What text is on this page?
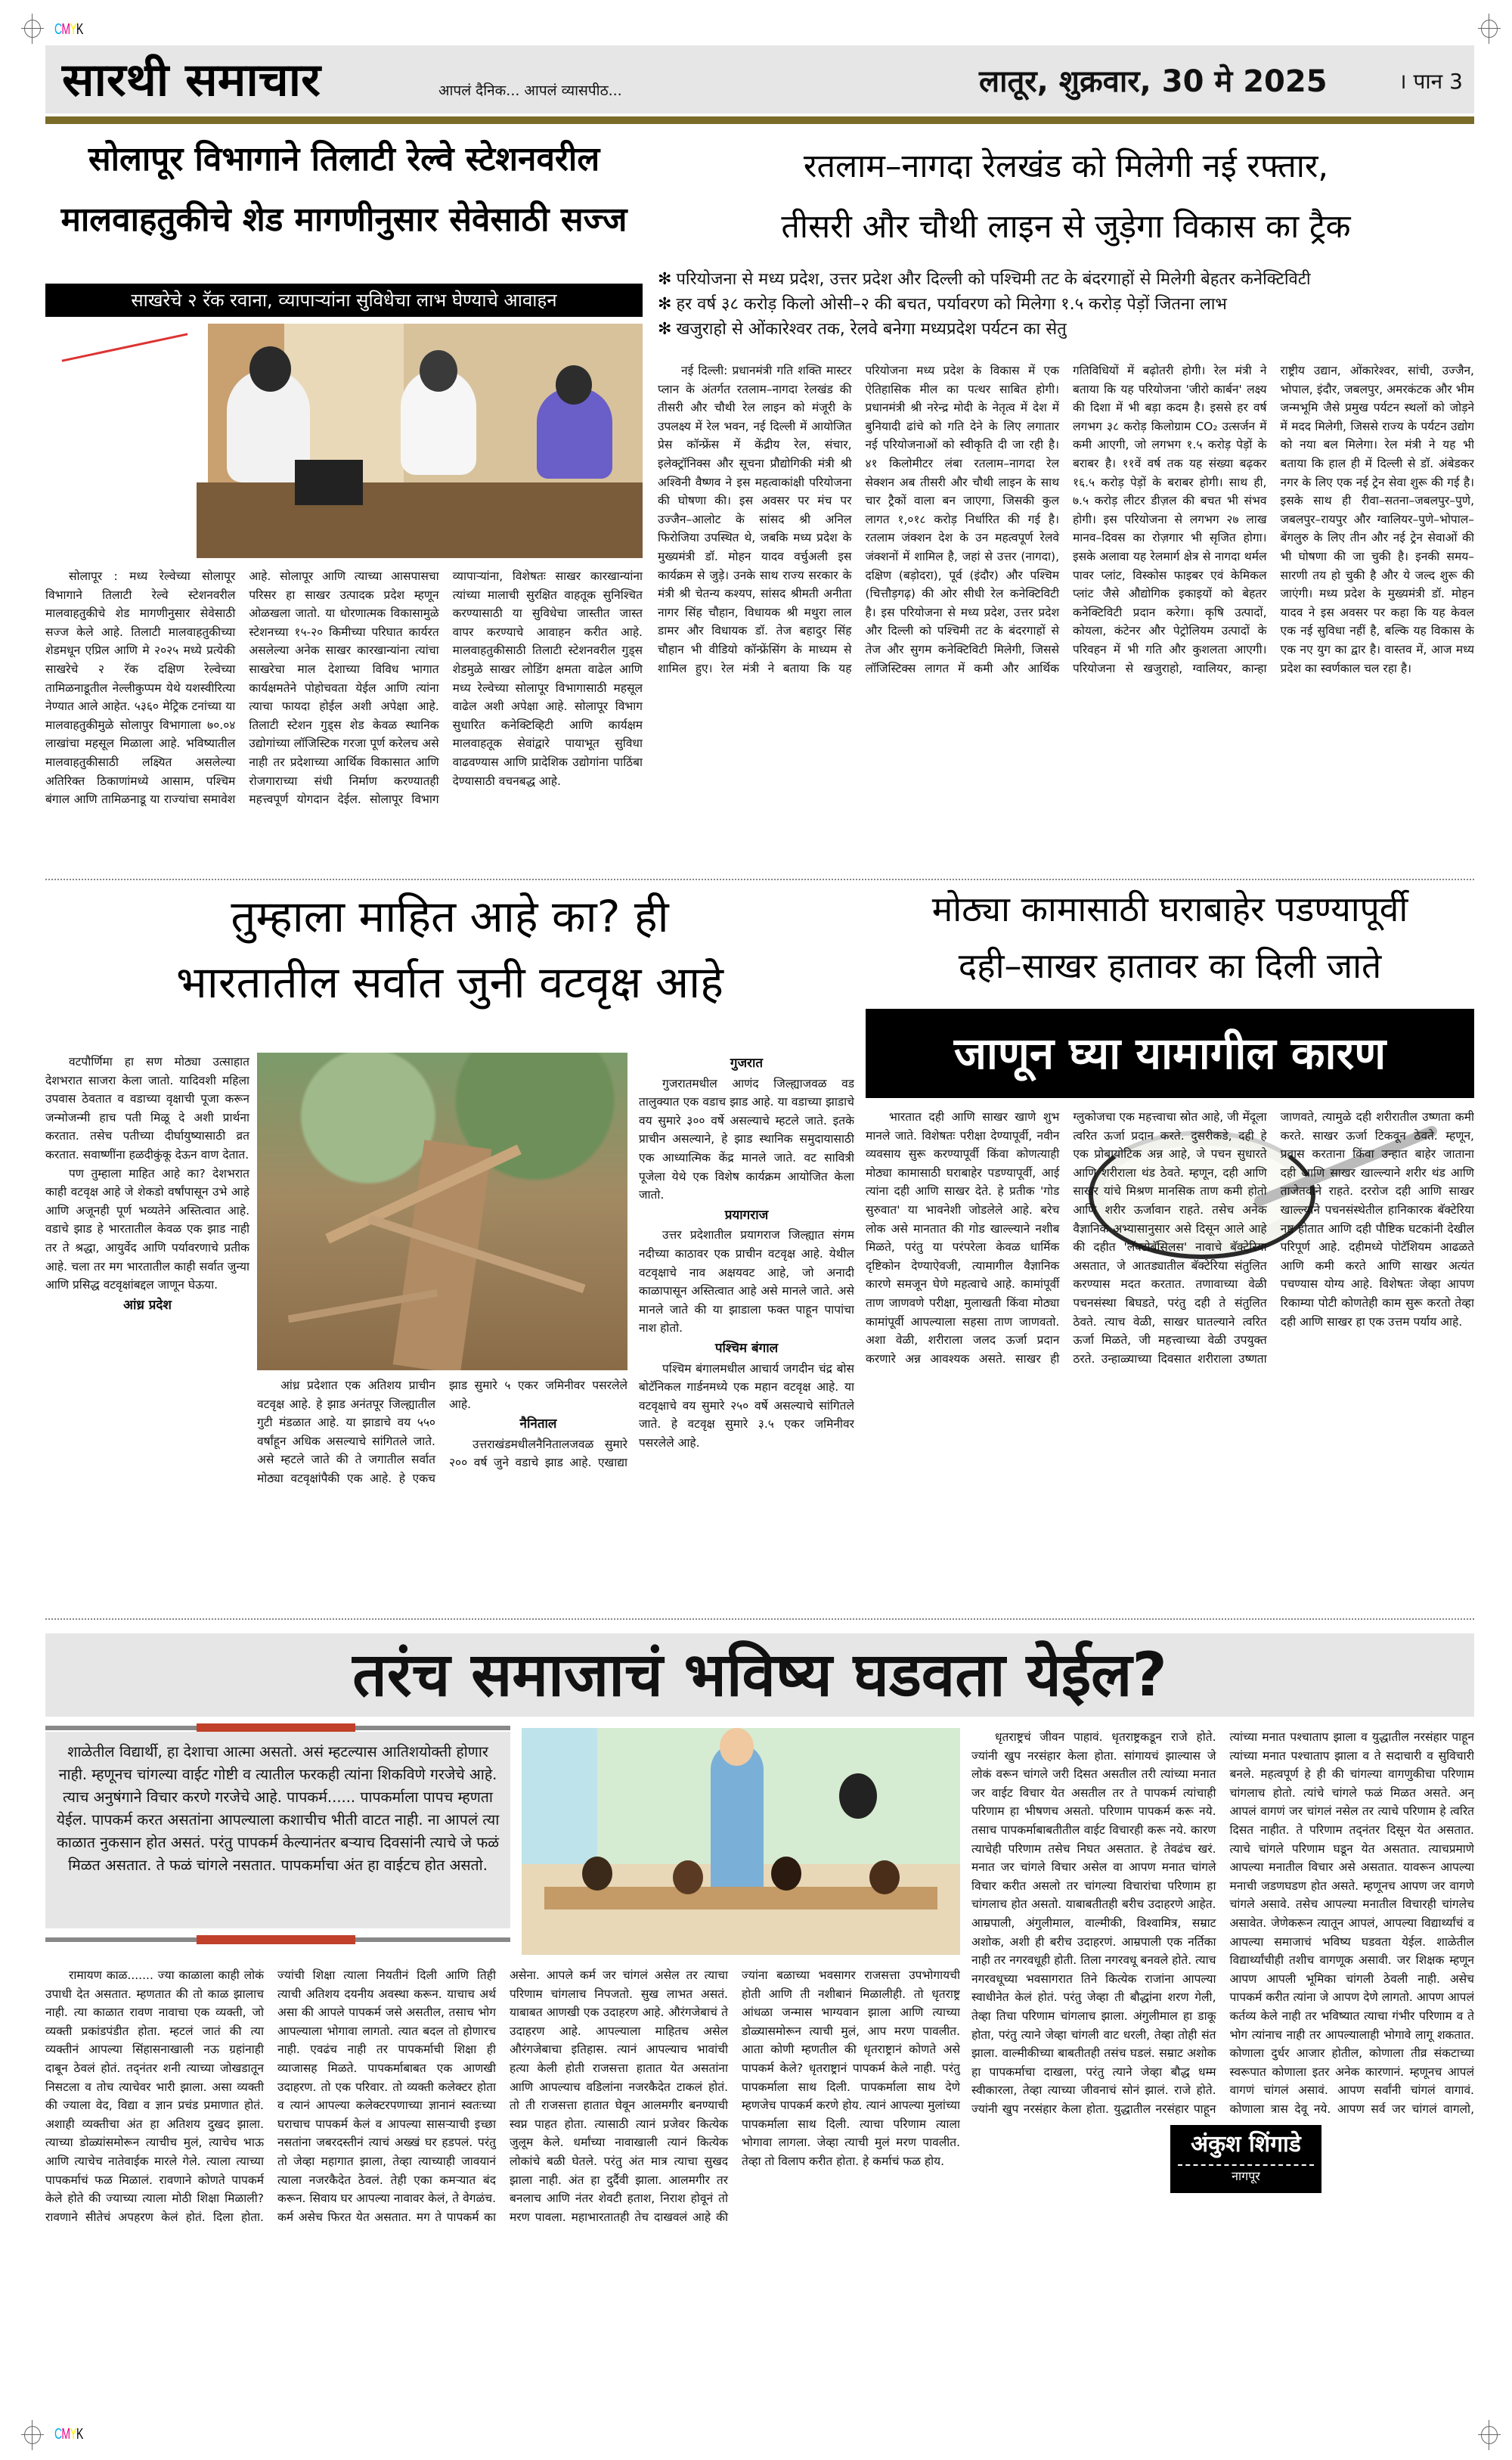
CMYK
CMYK
सारथी समाचार	आपलं दैनिक... आपलं व्यासपीठ...	लातूर, शुक्रवार, 30 मे 2025	। पान 3
सोलापूर विभागाने तिलाटी रेल्वे स्टेशनवरील
मालवाहतुकीचे शेड मागणीनुसार सेवेसाठी सज्ज
साखरेचे २ रॅक रवाना, व्यापाऱ्यांना सुविधेचा लाभ घेण्याचे आवाहन

सोलापूर : मध्य रेल्वेच्या सोलापूर विभागाने तिलाटी रेल्वे स्टेशनवरील मालवाहतुकीचे शेड मागणीनुसार सेवेसाठी सज्ज केले आहे. तिलाटी मालवाहतुकीच्या शेडमधून एप्रिल आणि मे २०२५ मध्ये प्रत्येकी साखरेचे २ रॅक दक्षिण रेल्वेच्या तामिळनाडूतील नेल्लीकुप्पम येथे यशस्वीरित्या नेण्यात आले आहेत. ५३६० मेट्रिक टनांच्या या मालवाहतुकीमुळे सोलापुर विभागाला ७०.०४ लाखांचा महसूल मिळाला आहे. भविष्यातील मालवाहतुकीसाठी लक्ष्यित असलेल्या अतिरिक्त ठिकाणांमध्ये आसाम, पश्चिम बंगाल आणि तामिळनाडू या राज्यांचा समावेश आहे. सोलापूर आणि त्याच्या आसपासचा परिसर हा साखर उत्पादक प्रदेश म्हणून ओळखला जातो. या धोरणात्मक विकासामुळे स्टेशनच्या १५-२० किमीच्या परिघात कार्यरत असलेल्या अनेक साखर कारखान्यांना त्यांचा साखरेचा माल देशाच्या विविध भागात कार्यक्षमतेने पोहोचवता येईल आणि त्यांना त्याचा फायदा होईल अशी अपेक्षा आहे. तिलाटी स्टेशन गुड्स शेड केवळ स्थानिक उद्योगांच्या लॉजिस्टिक गरजा पूर्ण करेलच असे नाही तर प्रदेशाच्या आर्थिक विकासात आणि रोजगाराच्या संधी निर्माण करण्यातही महत्त्वपूर्ण योगदान देईल. सोलापूर विभाग व्यापाऱ्यांना, विशेषतः साखर कारखान्यांना त्यांच्या मालाची सुरक्षित वाहतूक सुनिश्चित करण्यासाठी या सुविधेचा जास्तीत जास्त वापर करण्याचे आवाहन करीत आहे. मालवाहतुकीसाठी तिलाटी स्टेशनवरील गुड्स शेडमुळे साखर लोडिंग क्षमता वाढेल आणि मध्य रेल्वेच्या सोलापूर विभागासाठी महसूल वाढेल अशी अपेक्षा आहे. सोलापूर विभाग सुधारित कनेक्टिव्हिटी आणि कार्यक्षम मालवाहतूक सेवांद्वारे पायाभूत सुविधा वाढवण्यास आणि प्रादेशिक उद्योगांना पाठिंबा देण्यासाठी वचनबद्ध आहे.

रतलाम–नागदा रेलखंड को मिलेगी नई रफ्तार,
तीसरी और चौथी लाइन से जुड़ेगा विकास का ट्रैक
✻ परियोजना से मध्य प्रदेश, उत्तर प्रदेश और दिल्ली को पश्चिमी तट के बंदरगाहों से मिलेगी बेहतर कनेक्टिविटी
✻ हर वर्ष ३८ करोड़ किलो ओसी–२ की बचत, पर्यावरण को मिलेगा १.५ करोड़ पेड़ों जितना लाभ
✻ खजुराहो से ओंकारेश्वर तक, रेलवे बनेगा मध्यप्रदेश पर्यटन का सेतु

नई दिल्ली: प्रधानमंत्री गति शक्ति मास्टर प्लान के अंतर्गत रतलाम–नागदा रेलखंड की तीसरी और चौथी रेल लाइन को मंजूरी के उपलक्ष्य में रेल भवन, नई दिल्ली में आयोजित प्रेस कॉन्फ्रेंस में केंद्रीय रेल, संचार, इलेक्ट्रॉनिक्स और सूचना प्रौद्योगिकी मंत्री श्री अश्विनी वैष्णव ने इस महत्वाकांक्षी परियोजना की घोषणा की। इस अवसर पर मंच पर उज्जैन–आलोट के सांसद श्री अनिल फिरोजिया उपस्थित थे, जबकि मध्य प्रदेश के मुख्यमंत्री डॉ. मोहन यादव वर्चुअली इस कार्यक्रम से जुड़े। उनके साथ राज्य सरकार के मंत्री श्री चेतन्य कश्यप, सांसद श्रीमती अनीता नागर सिंह चौहान, विधायक श्री मथुरा लाल डामर और विधायक डॉ. तेज बहादुर सिंह चौहान भी वीडियो कॉन्फ्रेंसिंग के माध्यम से शामिल हुए। रेल मंत्री ने बताया कि यह परियोजना मध्य प्रदेश के विकास में एक ऐतिहासिक मील का पत्थर साबित होगी। प्रधानमंत्री श्री नरेन्द्र मोदी के नेतृत्व में देश में बुनियादी ढांचे को गति देने के लिए लगातार नई परियोजनाओं को स्वीकृति दी जा रही है। ४१ किलोमीटर लंबा रतलाम–नागदा रेल सेक्शन अब तीसरी और चौथी लाइन के साथ चार ट्रैकों वाला बन जाएगा, जिसकी कुल लागत १,०१८ करोड़ निर्धारित की गई है। रतलाम जंक्शन देश के उन महत्वपूर्ण रेलवे जंक्शनों में शामिल है, जहां से उत्तर (नागदा), दक्षिण (बड़ोदरा), पूर्व (इंदौर) और पश्चिम (चित्तौड़गढ़) की ओर सीधी रेल कनेक्टिविटी है। इस परियोजना से मध्य प्रदेश, उत्तर प्रदेश और दिल्ली को पश्चिमी तट के बंदरगाहों से तेज और सुगम कनेक्टिविटी मिलेगी, जिससे लॉजिस्टिक्स लागत में कमी और आर्थिक गतिविधियों में बढ़ोतरी होगी। रेल मंत्री ने बताया कि यह परियोजना 'जीरो कार्बन' लक्ष्य की दिशा में भी बड़ा कदम है। इससे हर वर्ष लगभग ३८ करोड़ किलोग्राम CO₂ उत्सर्जन में कमी आएगी, जो लगभग १.५ करोड़ पेड़ों के बराबर है। ११वें वर्ष तक यह संख्या बढ़कर १६.५ करोड़ पेड़ों के बराबर होगी। साथ ही, ७.५ करोड़ लीटर डीज़ल की बचत भी संभव होगी। इस परियोजना से लगभग २७ लाख मानव–दिवस का रोज़गार भी सृजित होगा। इसके अलावा यह रेलमार्ग क्षेत्र से नागदा थर्मल पावर प्लांट, विस्कोस फाइबर एवं केमिकल प्लांट जैसे औद्योगिक इकाइयों को बेहतर कनेक्टिविटी प्रदान करेगा। कृषि उत्पादों, कोयला, कंटेनर और पेट्रोलियम उत्पादों के परिवहन में भी गति और कुशलता आएगी। परियोजना से खजुराहो, ग्वालियर, कान्हा राष्ट्रीय उद्यान, ओंकारेश्वर, सांची, उज्जैन, भोपाल, इंदौर, जबलपुर, अमरकंटक और भीम जन्मभूमि जैसे प्रमुख पर्यटन स्थलों को जोड़ने में मदद मिलेगी, जिससे राज्य के पर्यटन उद्योग को नया बल मिलेगा। रेल मंत्री ने यह भी बताया कि हाल ही में दिल्ली से डॉ. अंबेडकर नगर के लिए एक नई ट्रेन सेवा शुरू की गई है। इसके साथ ही रीवा–सतना–जबलपुर–पुणे, जबलपुर–रायपुर और ग्वालियर–पुणे–भोपाल–बेंगलुरु के लिए तीन और नई ट्रेन सेवाओं की भी घोषणा की जा चुकी है। इनकी समय–सारणी तय हो चुकी है और ये जल्द शुरू की जाएंगी। मध्य प्रदेश के मुख्यमंत्री डॉ. मोहन यादव ने इस अवसर पर कहा कि यह केवल एक नई सुविधा नहीं है, बल्कि यह विकास के एक नए युग का द्वार है। वास्तव में, आज मध्य प्रदेश का स्वर्णकाल चल रहा है।

तुम्हाला माहित आहे का? ही
भारतातील सर्वात जुनी वटवृक्ष आहे

वटपौर्णिमा हा सण मोठ्या उत्साहात देशभरात साजरा केला जातो. यादिवशी महिला उपवास ठेवतात व वडाच्या वृक्षाची पूजा करून जन्मोजन्मी हाच पती मिळू दे अशी प्रार्थना करतात. तसेच पतीच्या दीर्घायुष्यासाठी व्रत करतात. सवाष्णींना हळदीकुंकू देऊन वाण देतात.

पण तुम्हाला माहित आहे का? देशभरात काही वटवृक्ष आहे जे शेकडो वर्षांपासून उभे आहे आणि अजूनही पूर्ण भव्यतेने अस्तित्वात आहे. वडाचे झाड हे भारतातील केवळ एक झाड नाही तर ते श्रद्धा, आयुर्वेद आणि पर्यावरणाचे प्रतीक आहे. चला तर मग भारतातील काही सर्वात जुन्या आणि प्रसिद्ध वटवृक्षांबद्दल जाणून घेऊया.

आंध्र प्रदेश

आंध्र प्रदेशात एक अतिशय प्राचीन वटवृक्ष आहे. हे झाड अनंतपूर जिल्ह्यातील गुटी मंडळात आहे. या झाडाचे वय ५५० वर्षांहून अधिक असल्याचे सांगितले जाते. असे म्हटले जाते की ते जगातील सर्वात मोठ्या वटवृक्षांपैकी एक आहे. हे एकच झाड सुमारे ५ एकर जमिनीवर पसरलेले आहे.

नैनिताल

उत्तराखंडमधीलनैनितालजवळ सुमारे २०० वर्ष जुने वडाचे झाड आहे. एखाद्या

गुजरात

गुजरातमधील आणंद जिल्ह्याजवळ वड तालुक्यात एक वडाच झाड आहे. या वडाच्या झाडाचे वय सुमारे ३०० वर्षे असल्याचे म्हटले जाते. इतके प्राचीन असल्याने, हे झाड स्थानिक समुदायासाठी एक आध्यात्मिक केंद्र मानले जाते. वट सावित्री पूजेला येथे एक विशेष कार्यक्रम आयोजित केला जातो.

प्रयागराज

उत्तर प्रदेशातील प्रयागराज जिल्ह्यात संगम नदीच्या काठावर एक प्राचीन वटवृक्ष आहे. येथील वटवृक्षाचे नाव अक्षयवट आहे, जो अनादी काळापासून अस्तित्वात आहे असे मानले जाते. असे मानले जाते की या झाडाला फक्त पाहून पापांचा नाश होतो.

पश्चिम बंगाल

पश्चिम बंगालमधील आचार्य जगदीन चंद्र बोस बोटॅनिकल गार्डनमध्ये एक महान वटवृक्ष आहे. या वटवृक्षाचे वय सुमारे २५० वर्षे असल्याचे सांगितले जाते. हे वटवृक्ष सुमारे ३.५ एकर जमिनीवर पसरलेले आहे.

मोठ्या कामासाठी घराबाहेर पडण्यापूर्वी
दही–साखर हातावर का दिली जाते
जाणून घ्या यामागील कारण

भारतात दही आणि साखर खाणे शुभ मानले जाते. विशेषतः परीक्षा देण्यापूर्वी, नवीन व्यवसाय सुरू करण्यापूर्वी किंवा कोणत्याही मोठ्या कामासाठी घराबाहेर पडण्यापूर्वी, आई त्यांना दही आणि साखर देते. हे प्रतीक 'गोड सुरुवात' या भावनेशी जोडलेले आहे. बरेच लोक असे मानतात की गोड खाल्ल्याने नशीब मिळते, परंतु या परंपरेला केवळ धार्मिक दृष्टिकोन देण्याऐवजी, त्यामागील वैज्ञानिक कारणे समजून घेणे महत्वाचे आहे. कामांपूर्वी ताण जाणवणे परीक्षा, मुलाखती किंवा मोठ्या कामांपूर्वी आपल्याला सहसा ताण जाणवतो. अशा वेळी, शरीराला जलद ऊर्जा प्रदान करणारे अन्न आवश्यक असते. साखर ही ग्लुकोजचा एक महत्त्वाचा स्रोत आहे, जी मेंदूला त्वरित ऊर्जा प्रदान करते. दुसरीकडे, दही हे एक प्रोबायोटिक अन्न आहे, जे पचन सुधारते आणि शरीराला थंड ठेवते. म्हणून, दही आणि साखर यांचे मिश्रण मानसिक ताण कमी होतो आणि शरीर ऊर्जावान राहते. तसेच अनेक वैज्ञानिक अभ्यासानुसार असे दिसून आले आहे की दहीत 'लॅक्टोबॅसिलस' नावाचे बॅक्टेरिया असतात, जे आतड्यातील बॅक्टेरिया संतुलित करण्यास मदत करतात. तणावाच्या वेळी पचनसंस्था बिघडते, परंतु दही ते संतुलित ठेवते. त्याच वेळी, साखर घातल्याने त्वरित ऊर्जा मिळते, जी महत्त्वाच्या वेळी उपयुक्त ठरते. उन्हाळ्याच्या दिवसात शरीराला उष्णता जाणवते, त्यामुळे दही शरीरातील उष्णता कमी करते. साखर ऊर्जा टिकवून ठेवते. म्हणून, प्रवास करताना किंवा उन्हात बाहेर जाताना दही आणि साखर खाल्ल्याने शरीर थंड आणि ताजेतवाने राहते. दररोज दही आणि साखर खाल्ल्याने पचनसंस्थेतील हानिकारक बॅक्टेरिया नष्ट होतात आणि दही पौष्टिक घटकांनी देखील परिपूर्ण आहे. दहीमध्ये पोटॅशियम आढळते आणि कमी करते आणि साखर अत्यंत पचण्यास योग्य आहे. विशेषतः जेव्हा आपण रिकाम्या पोटी कोणतेही काम सुरू करतो तेव्हा दही आणि साखर हा एक उत्तम पर्याय आहे.

तरंच समाजाचं भविष्य घडवता येईल?
शाळेतील विद्यार्थी, हा देशाचा आत्मा असतो. असं म्हटल्यास आतिशयोक्ती होणार नाही. म्हणूनच चांगल्या वाईट गोष्टी व त्यातील फरकही त्यांना शिकविणे गरजेचे आहे. त्याच अनुषंगाने विचार करणे गरजेचे आहे. पापकर्म...... पापकर्माला पापच म्हणता येईल. पापकर्म करत असतांना आपल्याला कशाचीच भीती वाटत नाही. ना आपलं त्या काळात नुकसान होत असतं. परंतु पापकर्म केल्यानंतर बऱ्याच दिवसांनी त्याचे जे फळं मिळत असतात. ते फळं चांगले नसतात. पापकर्माचा अंत हा वाईटच होत असतो.

रामायण काळ....... ज्या काळाला काही लोकं उपाधी देत असतात. म्हणतात की तो काळ झालाच नाही. त्या काळात रावण नावाचा एक व्यक्ती, जो व्यक्ती प्रकांडपंडीत होता. म्हटलं जातं की त्या व्यक्तीनं आपल्या सिंहासनाखाली नऊ ग्रहांनाही दाबून ठेवलं होतं. तद्नंतर शनी त्याच्या जोखडातून निसटला व तोच त्याचेवर भारी झाला. असा व्यक्ती की ज्याला वेद, विद्या व ज्ञान प्रचंड प्रमाणात होतं. अशाही व्यक्तीचा अंत हा अतिशय दुखद झाला. त्याच्या डोळ्यांसमोरून त्याचीच मुलं, त्याचेच भाऊ आणि त्याचेच नातेवाईक मारले गेले. त्याला त्याच्या पापकर्माचं फळ मिळालं. रावणाने कोणते पापकर्म केले होते की ज्याच्या त्याला मोठी शिक्षा मिळाली? रावणाने सीतेचं अपहरण केलं होतं. दिला होता. ज्यांची शिक्षा त्याला नियतीनं दिली आणि तिही त्याची अतिशय दयनीय अवस्था करून. याचाच अर्थ असा की आपले पापकर्म जसे असतील, तसाच भोग आपल्याला भोगावा लागतो. त्यात बदल तो होणारच नाही. एवढंच नाही तर पापकर्माची शिक्षा ही व्याजासह मिळते. पापकर्माबाबत एक आणखी उदाहरण. तो एक परिवार. तो व्यक्ती कलेक्टर होता व त्यानं आपल्या कलेक्टरपणाच्या ज्ञानानं स्वतःच्या घराचाच पापकर्म केलं व आपल्या सासऱ्याची इच्छा नसतांना जबरदस्तीनं त्याचं अख्खं घर हडपलं. परंतु तो जेव्हा महागात झाला, तेव्हा त्याच्याही जावयानं त्याला नजरकैदेत ठेवलं. तेही एका कमऱ्यात बंद करून. सिवाय घर आपल्या नावावर केलं, ते वेगळंच. कर्म असेच फिरत येत असतात. मग ते पापकर्म का असेना. आपले कर्म जर चांगलं असेल तर त्याचा परिणाम चांगलाच निपजतो. सुख लाभत असतं. याबाबत आणखी एक उदाहरण आहे. औरंगजेबाचं ते उदाहरण आहे. आपल्याला माहितच असेल औरंगजेबाचा इतिहास. त्यानं आपल्याच भावांची हत्या केली होती राजसत्ता हातात येत असतांना आणि आपल्याच वडिलांना नजरकैदेत टाकलं होतं. तो ती राजसत्ता हातात घेवून आलमगीर बनण्याची स्वप्न पाहत होता. त्यासाठी त्यानं प्रजेवर कित्येक जुलूम केले. धर्मांच्या नावाखाली त्यानं कित्येक लोकांचे बळी घेतले. परंतु अंत मात्र त्याचा सुखद झाला नाही. अंत हा दुर्दैवी झाला. आलमगीर तर बनलाच आणि नंतर शेवटी हताश, निराश होवूनं तो मरण पावला. महाभारतातही तेच दाखवलं आहे की ज्यांना बळाच्या भवसागर राजसत्ता उपभोगायची होती आणि ती नशीबानं मिळालीही. तो धृतराष्ट्र आंधळा जन्मास भाग्यवान झाला आणि त्याच्या डोळ्यासमोरून त्याची मुलं, आप मरण पावलीत. आता कोणी म्हणतील की धृतराष्ट्रानं कोणते असे पापकर्म केले? धृतराष्ट्रानं पापकर्म केले नाही. परंतु पापकर्माला साथ दिली. पापकर्माला साथ देणे म्हणजेच पापकर्म करणे होय. त्यानं आपल्या मुलांच्या पापकर्माला साथ दिली. त्याचा परिणाम त्याला भोगावा लागला. जेव्हा त्याची मुलं मरण पावलीत. तेव्हा तो विलाप करीत होता. हे कर्माचं फळ होय.

धृतराष्ट्रचं जीवन पाहावं. धृतराष्ट्रकडून राजे होते. ज्यांनी खुप नरसंहार केला होता. सांगायचं झाल्यास जे लोकं वरून चांगले जरी दिसत असतील तरी त्यांच्या मनात जर वाईट विचार येत असतील तर ते पापकर्म त्यांचाही परिणाम हा भीषणच असतो. परिणाम पापकर्म करू नये. तसाच पापकर्माबाबतीतील वाईट विचारही करू नये. कारण त्याचेही परिणाम तसेच निघत असतात. हे तेवढंच खरं. मनात जर चांगले विचार असेल वा आपण मनात चांगले विचार करीत असलो तर चांगल्या विचारांचा परिणाम हा चांगलाच होत असतो. याबाबतीतही बरीच उदाहरणे आहेत. आम्रपाली, अंगुलीमाल, वाल्मीकी, विश्वामित्र, सम्राट अशोक, अशी ही बरीच उदाहरणं. आम्रपाली एक नर्तिका नाही तर नगरवधूही होती. तिला नगरवधू बनवले होते. त्याच नगरवधूच्या भवसागरात तिने कित्येक राजांना आपल्या स्वाधीनेत केलं होतं. परंतु जेव्हा ती बौद्धांना शरण गेली, तेव्हा तिचा परिणाम चांगलाच झाला. अंगुलीमाल हा डाकू होता, परंतु त्याने जेव्हा चांगली वाट धरली, तेव्हा तोही संत झाला. वाल्मीकीच्या बाबतीतही तसंच घडलं. सम्राट अशोक हा पापकर्माचा दाखला, परंतु त्याने जेव्हा बौद्ध धम्म स्वीकारला, तेव्हा त्याच्या जीवनाचं सोनं झालं. राजे होते. ज्यांनी खुप नरसंहार केला होता. युद्धातील नरसंहार पाहून त्यांच्या मनात पश्चाताप झाला व युद्धातील नरसंहार पाहून त्यांच्या मनात पश्चाताप झाला व ते सदाचारी व सुविचारी बनले. महत्वपूर्ण हे ही की चांगल्या वागणुकीचा परिणाम चांगलाच होतो. त्यांचे चांगले फळं मिळत असते. अन् आपलं वागणं जर चांगलं नसेल तर त्याचे परिणाम हे त्वरित दिसत नाहीत. ते परिणाम तद्नंतर दिसून येत असतात. त्याचे चांगले परिणाम घडून येत असतात. त्याचप्रमाणे आपल्या मनातील विचार असे असतात. यावरून आपल्या मनाची जडणघडण होत असते. म्हणूनच आपण जर वागणे चांगले असावे. तसेच आपल्या मनातील विचारही चांगलेच असावेत. जेणेकरून त्यातून आपलं, आपल्या विद्यार्थ्यांचं व आपल्या समाजाचं भविष्य घडवता येईल. शाळेतील विद्यार्थ्यांचीही तशीच वागणूक असावी. जर शिक्षक म्हणून आपण आपली भूमिका चांगली ठेवली नाही. असेच पापकर्म करीत त्यांना जे आपण देणे लागतो. आपण आपलं कर्तव्य केले नाही तर भविष्यात त्याचा गंभीर परिणाम व ते भोग त्यांनाच नाही तर आपल्यालाही भोगावे लागू शकतात. कोणाला दुर्धर आजार होतील, कोणाला तीव्र संकटाच्या स्वरूपात कोणाला इतर अनेक कारणानं. म्हणूनच आपलं वागणं चांगलं असावं. आपण सर्वांनी चांगलं वागावं. कोणाला त्रास देवू नये. आपण सर्व जर चांगलं वागलो,

अंकुश शिंगाडे
नागपूर
